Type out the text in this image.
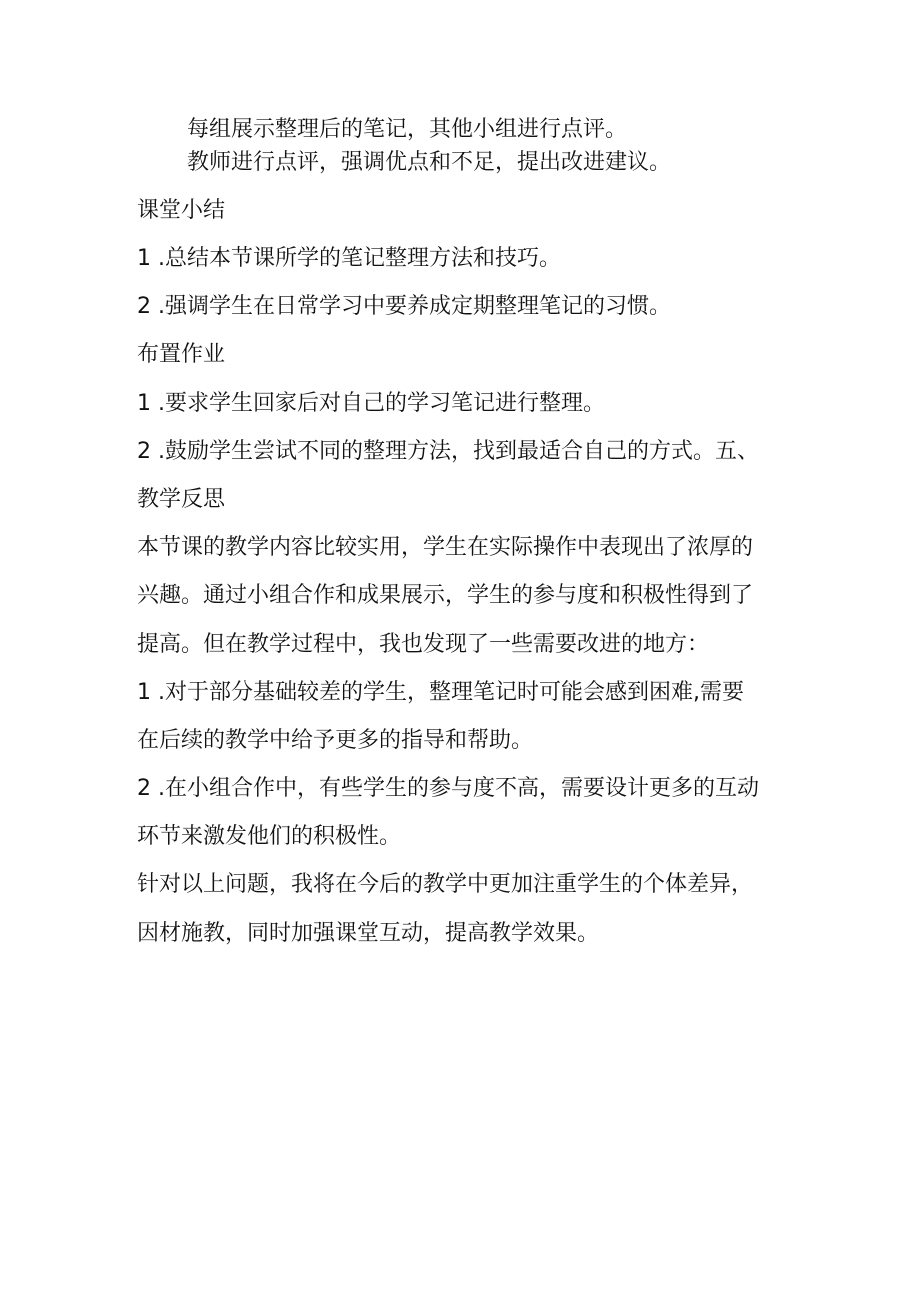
每组展示整理后的笔记，其他小组进行点评。
教师进行点评，强调优点和不足，提出改进建议。
课堂小结
1 .总结本节课所学的笔记整理方法和技巧。
2 .强调学生在日常学习中要养成定期整理笔记的习惯。
布置作业
1 .要求学生回家后对自己的学习笔记进行整理。
2 .鼓励学生尝试不同的整理方法，找到最适合自己的方式。五、
教学反思
本节课的教学内容比较实用，学生在实际操作中表现出了浓厚的
兴趣。通过小组合作和成果展示，学生的参与度和积极性得到了
提高。但在教学过程中，我也发现了一些需要改进的地方：
1 .对于部分基础较差的学生，整理笔记时可能会感到困难,需要
在后续的教学中给予更多的指导和帮助。
2 .在小组合作中，有些学生的参与度不高，需要设计更多的互动
环节来激发他们的积极性。
针对以上问题，我将在今后的教学中更加注重学生的个体差异，
因材施教，同时加强课堂互动，提高教学效果。
